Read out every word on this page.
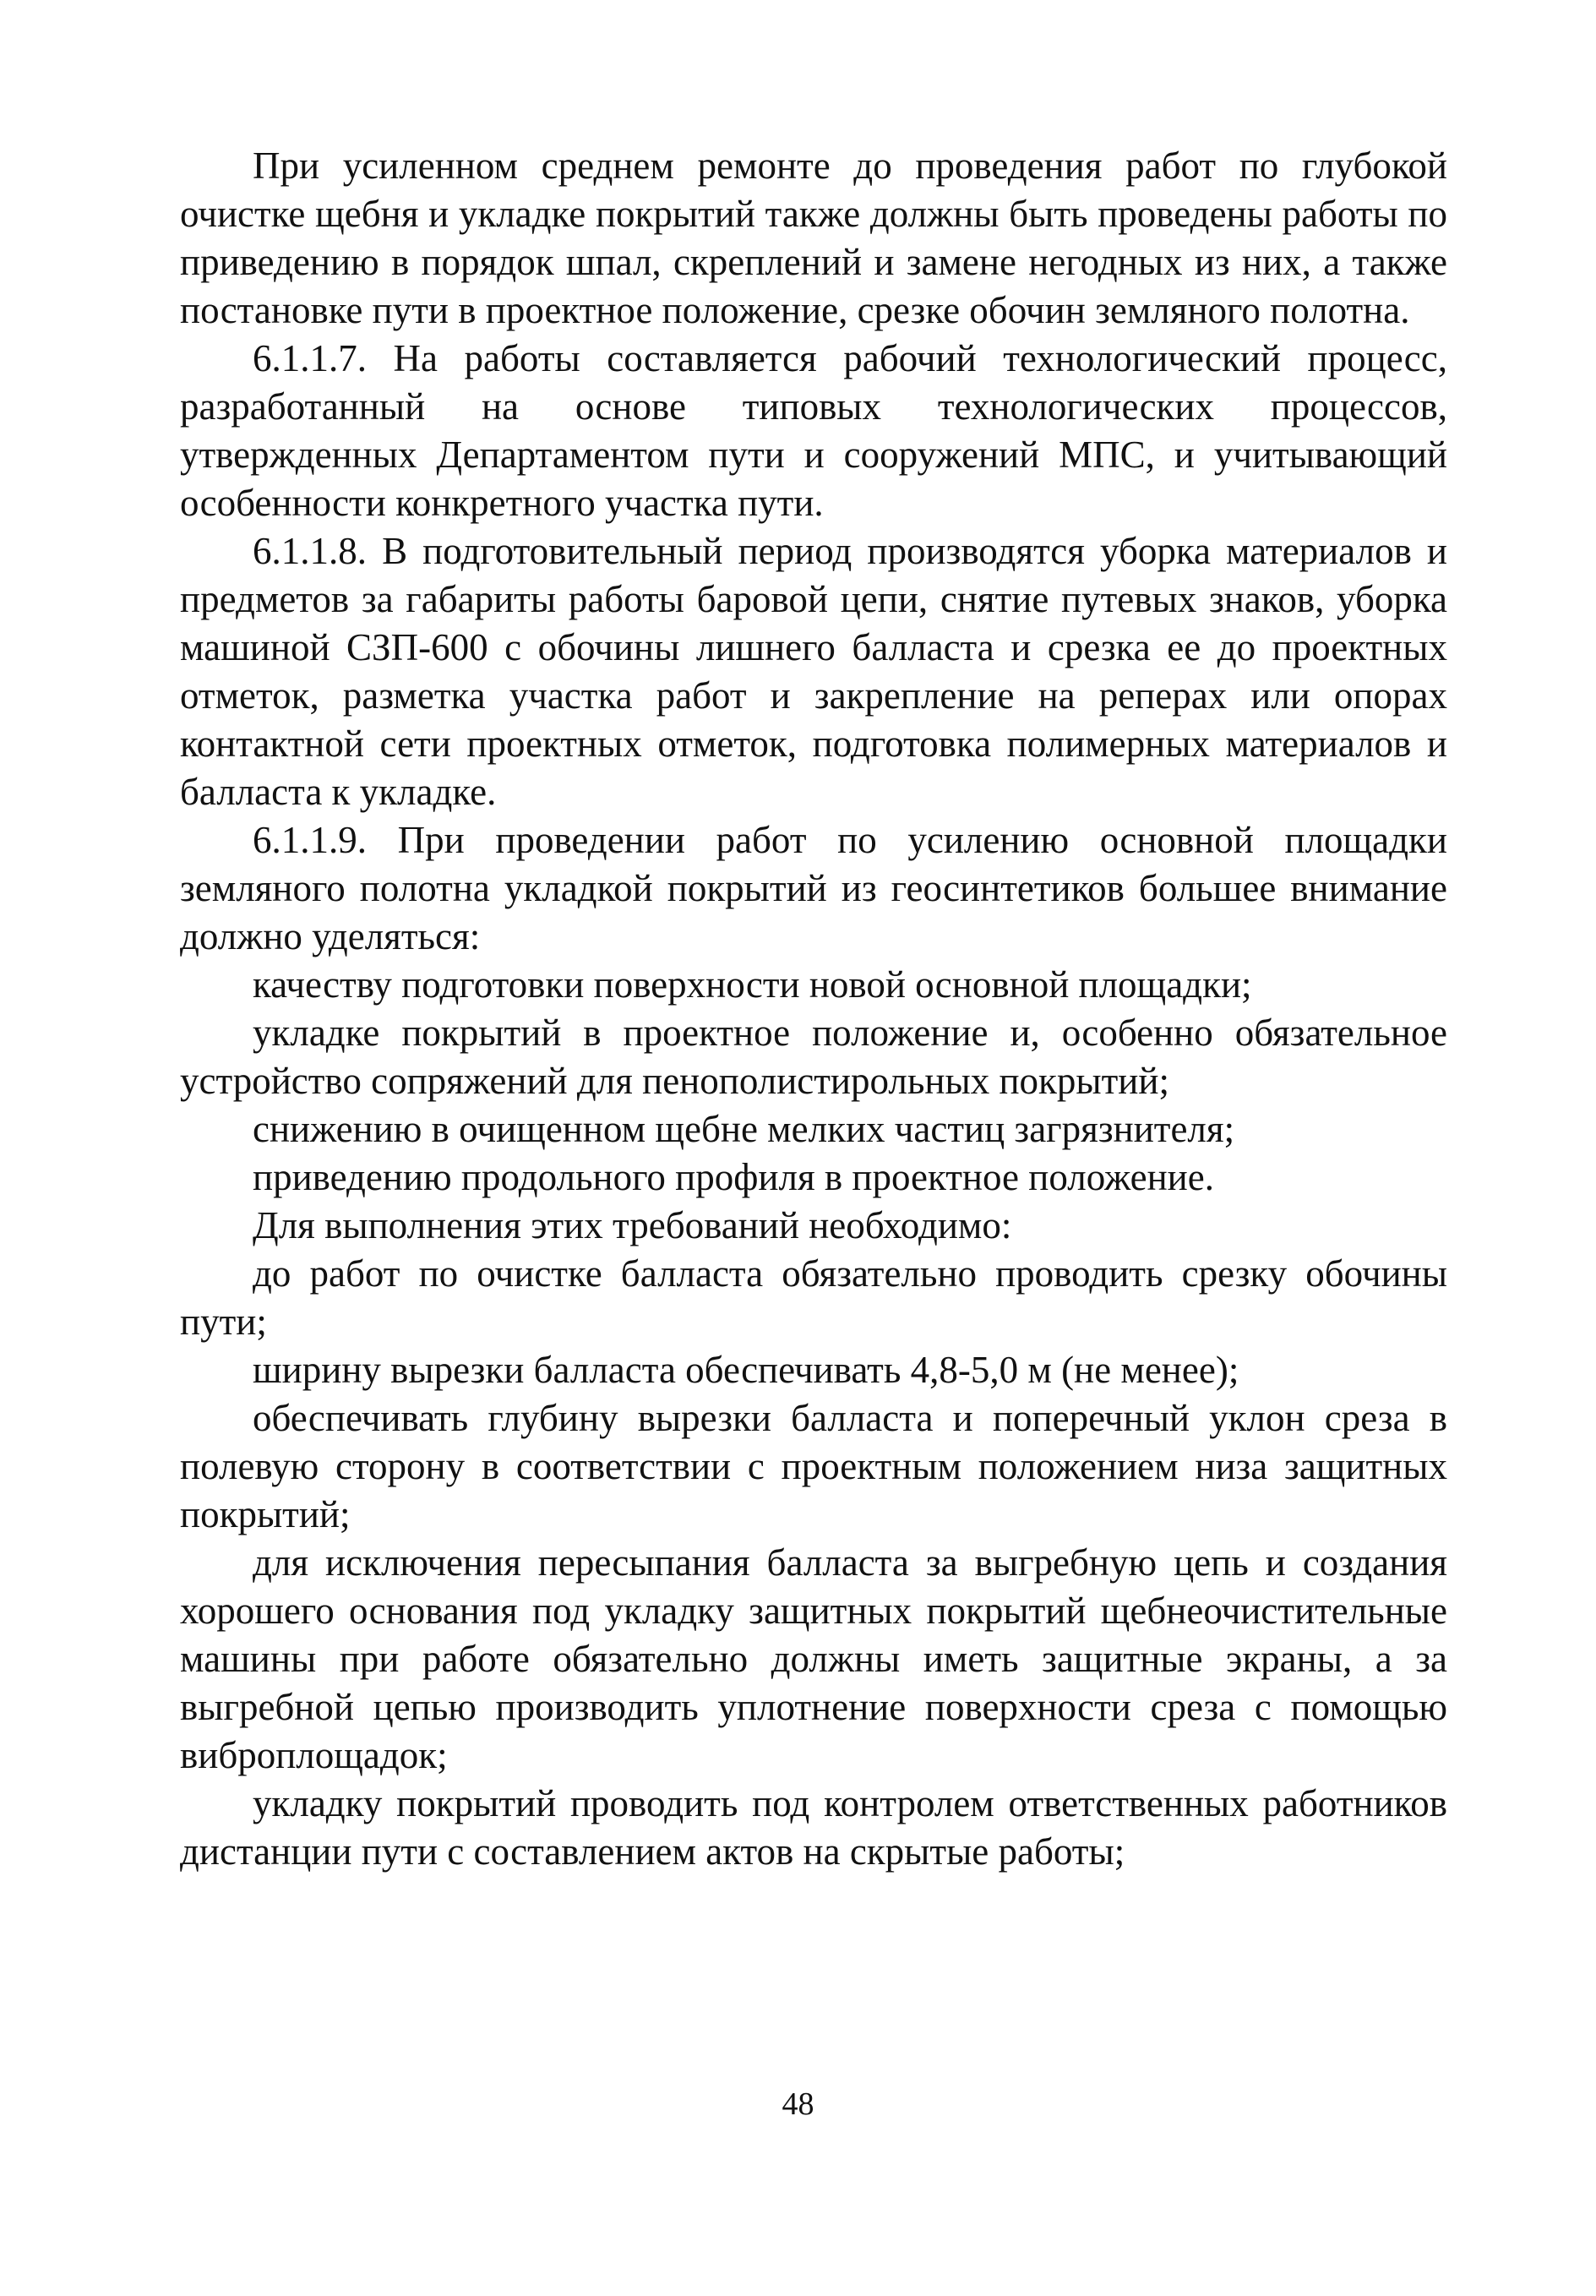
При усиленном среднем ремонте до проведения работ по глубокой очистке щебня и укладке покрытий также должны быть проведены работы по приведению в порядок шпал, скреплений и замене негодных из них, а также постановке пути в проектное положение, срезке обочин земляного полотна.

6.1.1.7. На работы составляется рабочий технологический процесс, разработанный на основе типовых технологических процессов, утвержденных Департаментом пути и сооружений МПС, и учитывающий особенности конкретного участка пути.

6.1.1.8. В подготовительный период производятся уборка материалов и предметов за габариты работы баровой цепи, снятие путевых знаков, уборка машиной СЗП-600 с обочины лишнего балласта и срезка ее до проектных отметок, разметка участка работ и закрепление на реперах или опорах контактной сети проектных отметок, подготовка полимерных материалов и балласта к укладке.

6.1.1.9. При проведении работ по усилению основной площадки земляного полотна укладкой покрытий из геосинтетиков большее внимание должно уделяться:

качеству подготовки поверхности новой основной площадки;

укладке покрытий в проектное положение и, особенно обязательное устройство сопряжений для пенополистирольных покрытий;

снижению в очищенном щебне мелких частиц загрязнителя;

приведению продольного профиля в проектное положение.

Для выполнения этих требований необходимо:

до работ по очистке балласта обязательно проводить срезку обочины пути;

ширину вырезки балласта обеспечивать 4,8-5,0 м (не менее);

обеспечивать глубину вырезки балласта и поперечный уклон среза в полевую сторону в соответствии с проектным положением низа защитных покрытий;

для исключения пересыпания балласта за выгребную цепь и создания хорошего основания под укладку защитных покрытий щебнеочистительные машины при работе обязательно должны иметь защитные экраны, а за выгребной цепью производить уплотнение поверхности среза с помощью виброплощадок;

укладку покрытий проводить под контролем ответственных работников дистанции пути с составлением актов на скрытые работы;

48
